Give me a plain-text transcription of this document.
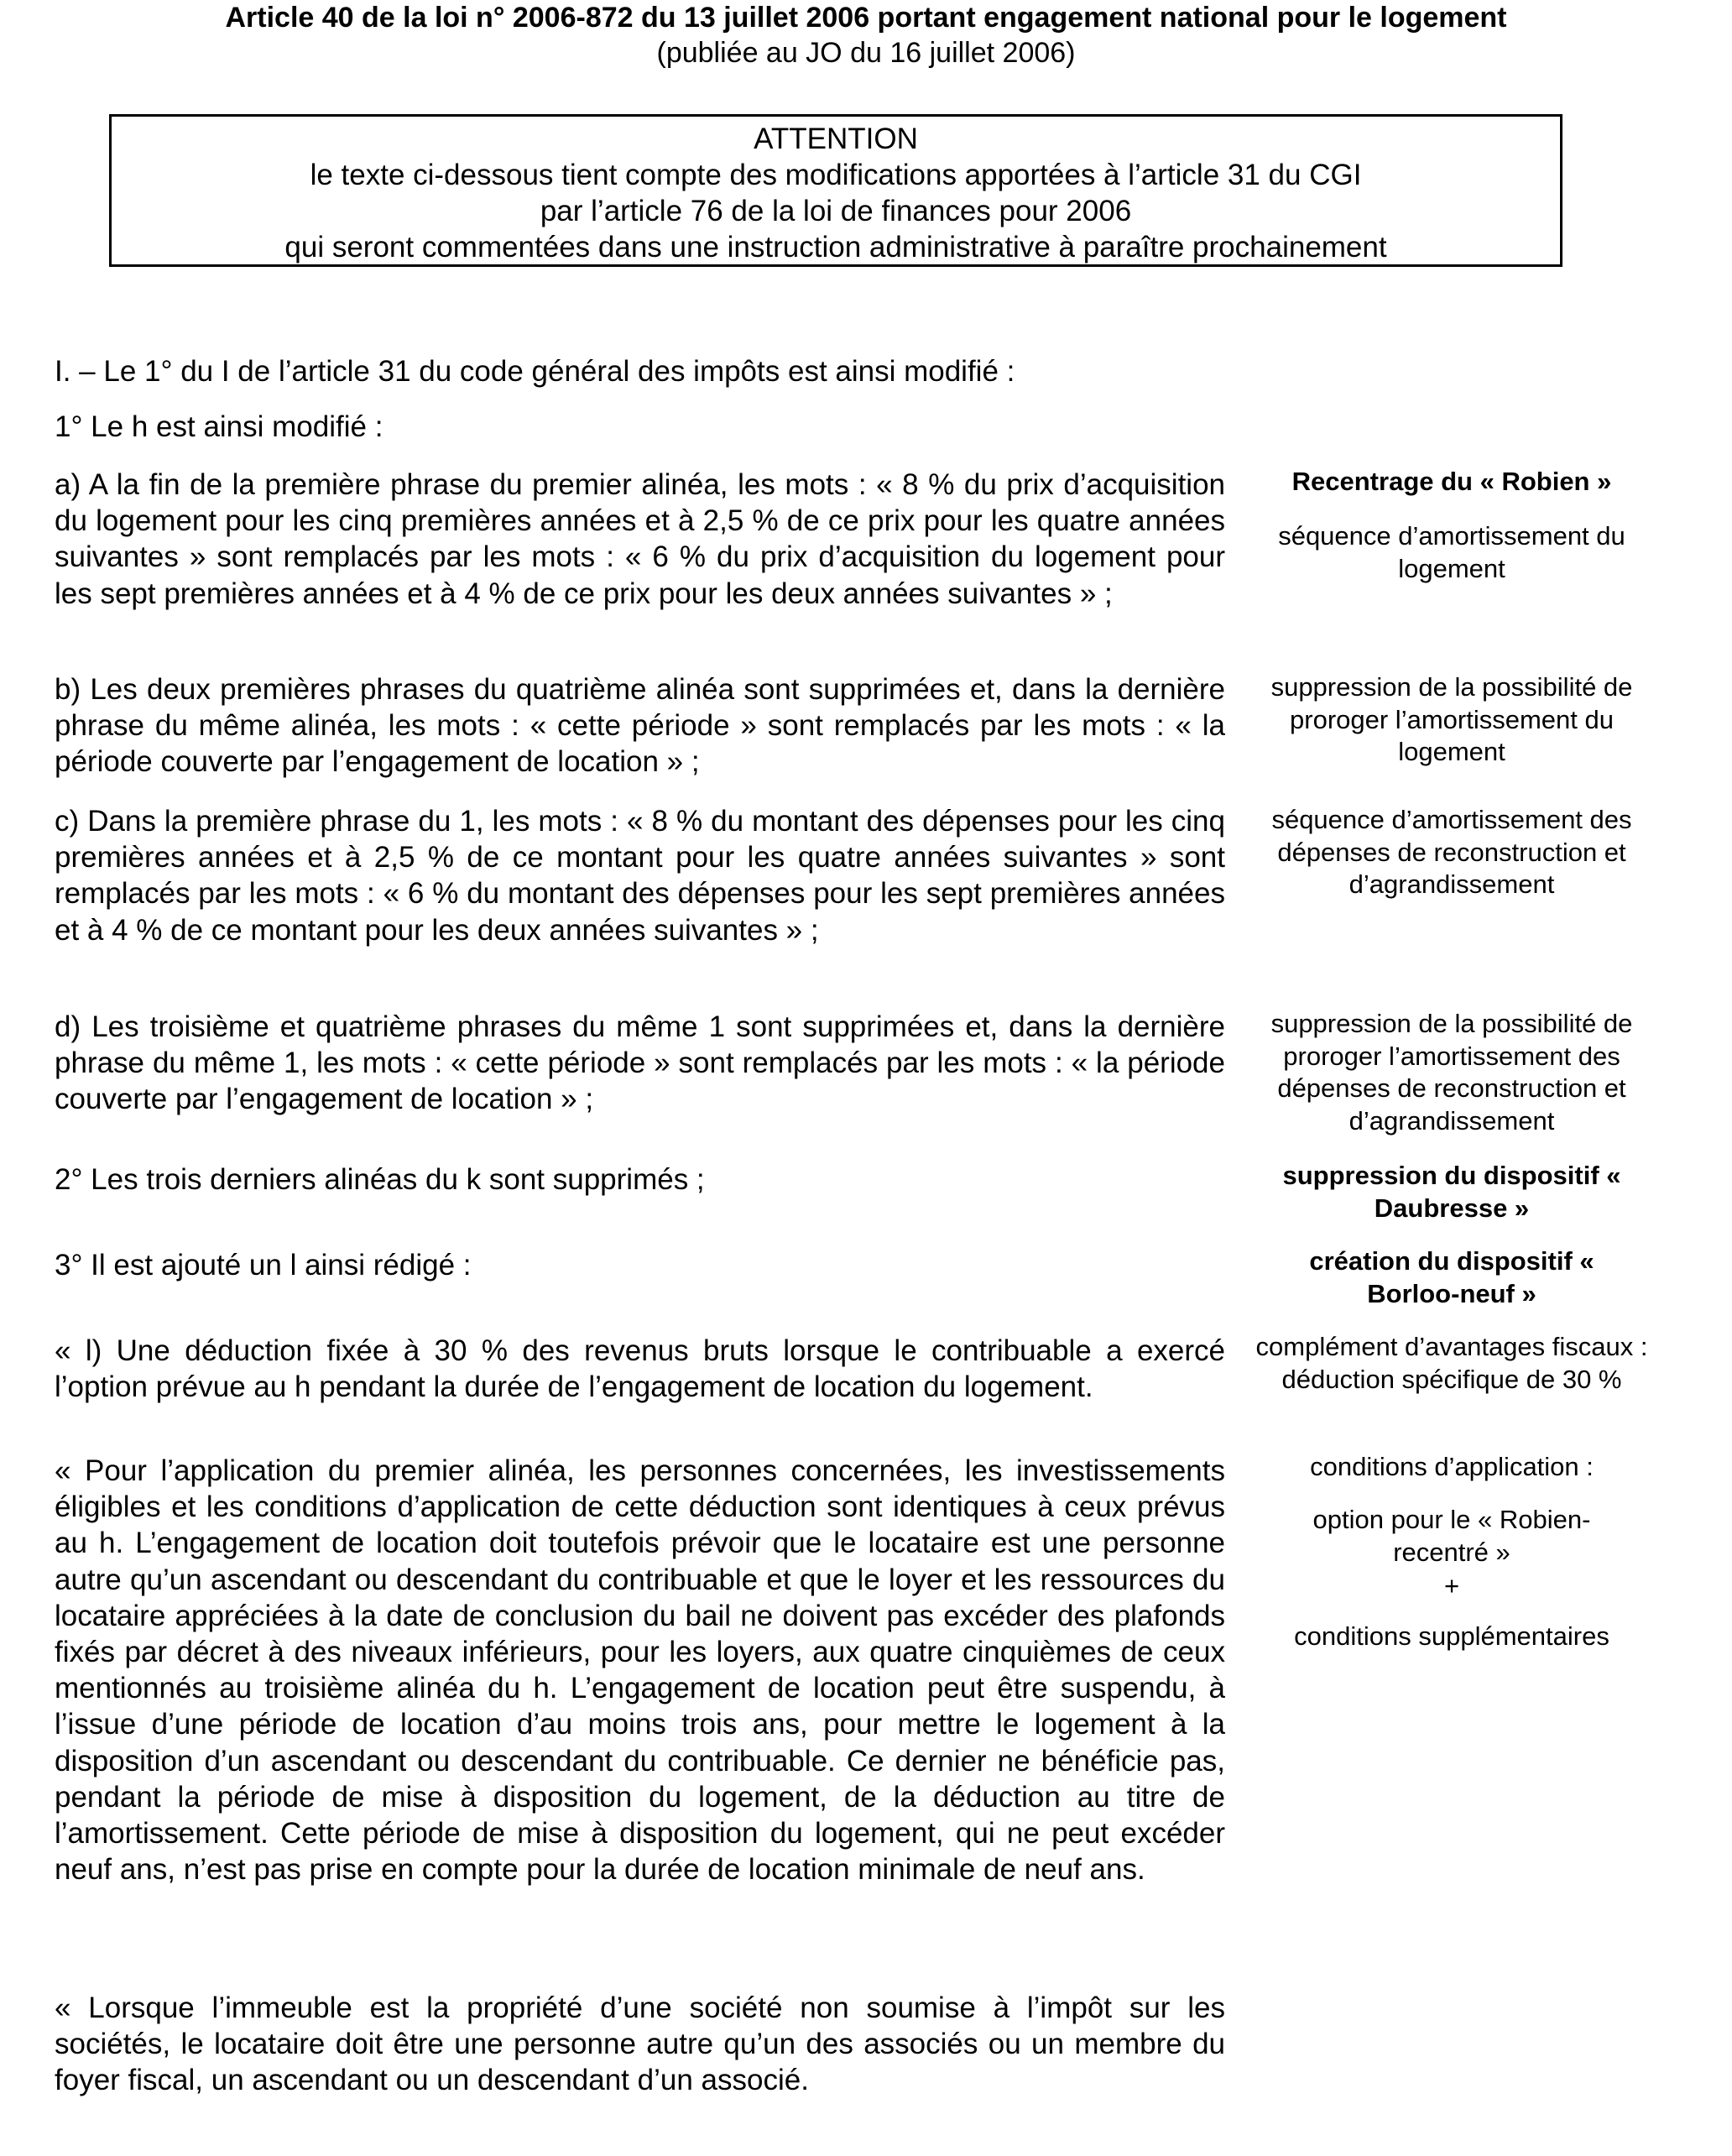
Article 40 de la loi n° 2006-872 du 13 juillet 2006 portant engagement national pour le logement
(publiée au JO du 16 juillet 2006)
ATTENTION
le texte ci-dessous tient compte des modifications apportées à l’article 31 du CGI
par l’article 76 de la loi de finances pour 2006
qui seront commentées dans une instruction administrative à paraître prochainement
I. – Le 1° du I de l’article 31 du code général des impôts est ainsi modifié :
1° Le h est ainsi modifié :
a) A la fin de la première phrase du premier alinéa, les mots : « 8 % du prix d’acquisition du logement pour les cinq premières années et à 2,5 % de ce prix pour les quatre années suivantes » sont remplacés par les mots : « 6 % du prix d’acquisition du logement pour les sept premières années et à 4 % de ce prix pour les deux années suivantes » ;
b) Les deux premières phrases du quatrième alinéa sont supprimées et, dans la dernière phrase du même alinéa, les mots : « cette période » sont remplacés par les mots : « la période couverte par l’engagement de location » ;
c) Dans la première phrase du 1, les mots : « 8 % du montant des dépenses pour les cinq premières années et à 2,5 % de ce montant pour les quatre années suivantes » sont remplacés par les mots : « 6 % du montant des dépenses pour les sept premières années et à 4 % de ce montant pour les deux années suivantes » ;
d) Les troisième et quatrième phrases du même 1 sont supprimées et, dans la dernière phrase du même 1, les mots : « cette période » sont remplacés par les mots : « la période couverte par l’engagement de location » ;
2° Les trois derniers alinéas du k sont supprimés ;
3° Il est ajouté un l ainsi rédigé :
« l) Une déduction fixée à 30 % des revenus bruts lorsque le contribuable a exercé l’option prévue au h pendant la durée de l’engagement de location du logement.
« Pour l’application du premier alinéa, les personnes concernées, les investissements éligibles et les conditions d’application de cette déduction sont identiques à ceux prévus au h. L’engagement de location doit toutefois prévoir que le locataire est une personne autre qu’un ascendant ou descendant du contribuable et que le loyer et les ressources du locataire appréciées à la date de conclusion du bail ne doivent pas excéder des plafonds fixés par décret à des niveaux inférieurs, pour les loyers, aux quatre cinquièmes de ceux mentionnés au troisième alinéa du h. L’engagement de location peut être suspendu, à l’issue d’une période de location d’au moins trois ans, pour mettre le logement à la disposition d’un ascendant ou descendant du contribuable. Ce dernier ne bénéficie pas, pendant la période de mise à disposition du logement, de la déduction au titre de l’amortissement. Cette période de mise à disposition du logement, qui ne peut excéder neuf ans, n’est pas prise en compte pour la durée de location minimale de neuf ans.
« Lorsque l’immeuble est la propriété d’une société non soumise à l’impôt sur les sociétés, le locataire doit être une personne autre qu’un des associés ou un membre du foyer fiscal, un ascendant ou un descendant d’un associé.
Recentrage du « Robien »
séquence d’amortissement du logement
suppression de la possibilité de proroger l’amortissement du logement
séquence d’amortissement des dépenses de reconstruction et d’agrandissement
suppression de la possibilité de proroger l’amortissement des dépenses de reconstruction et d’agrandissement
suppression du dispositif « Daubresse »
création du dispositif « Borloo-neuf »
complément d’avantages fiscaux : déduction spécifique de 30 %
conditions d’application :
option pour le « Robien-recentré »
+
conditions supplémentaires
